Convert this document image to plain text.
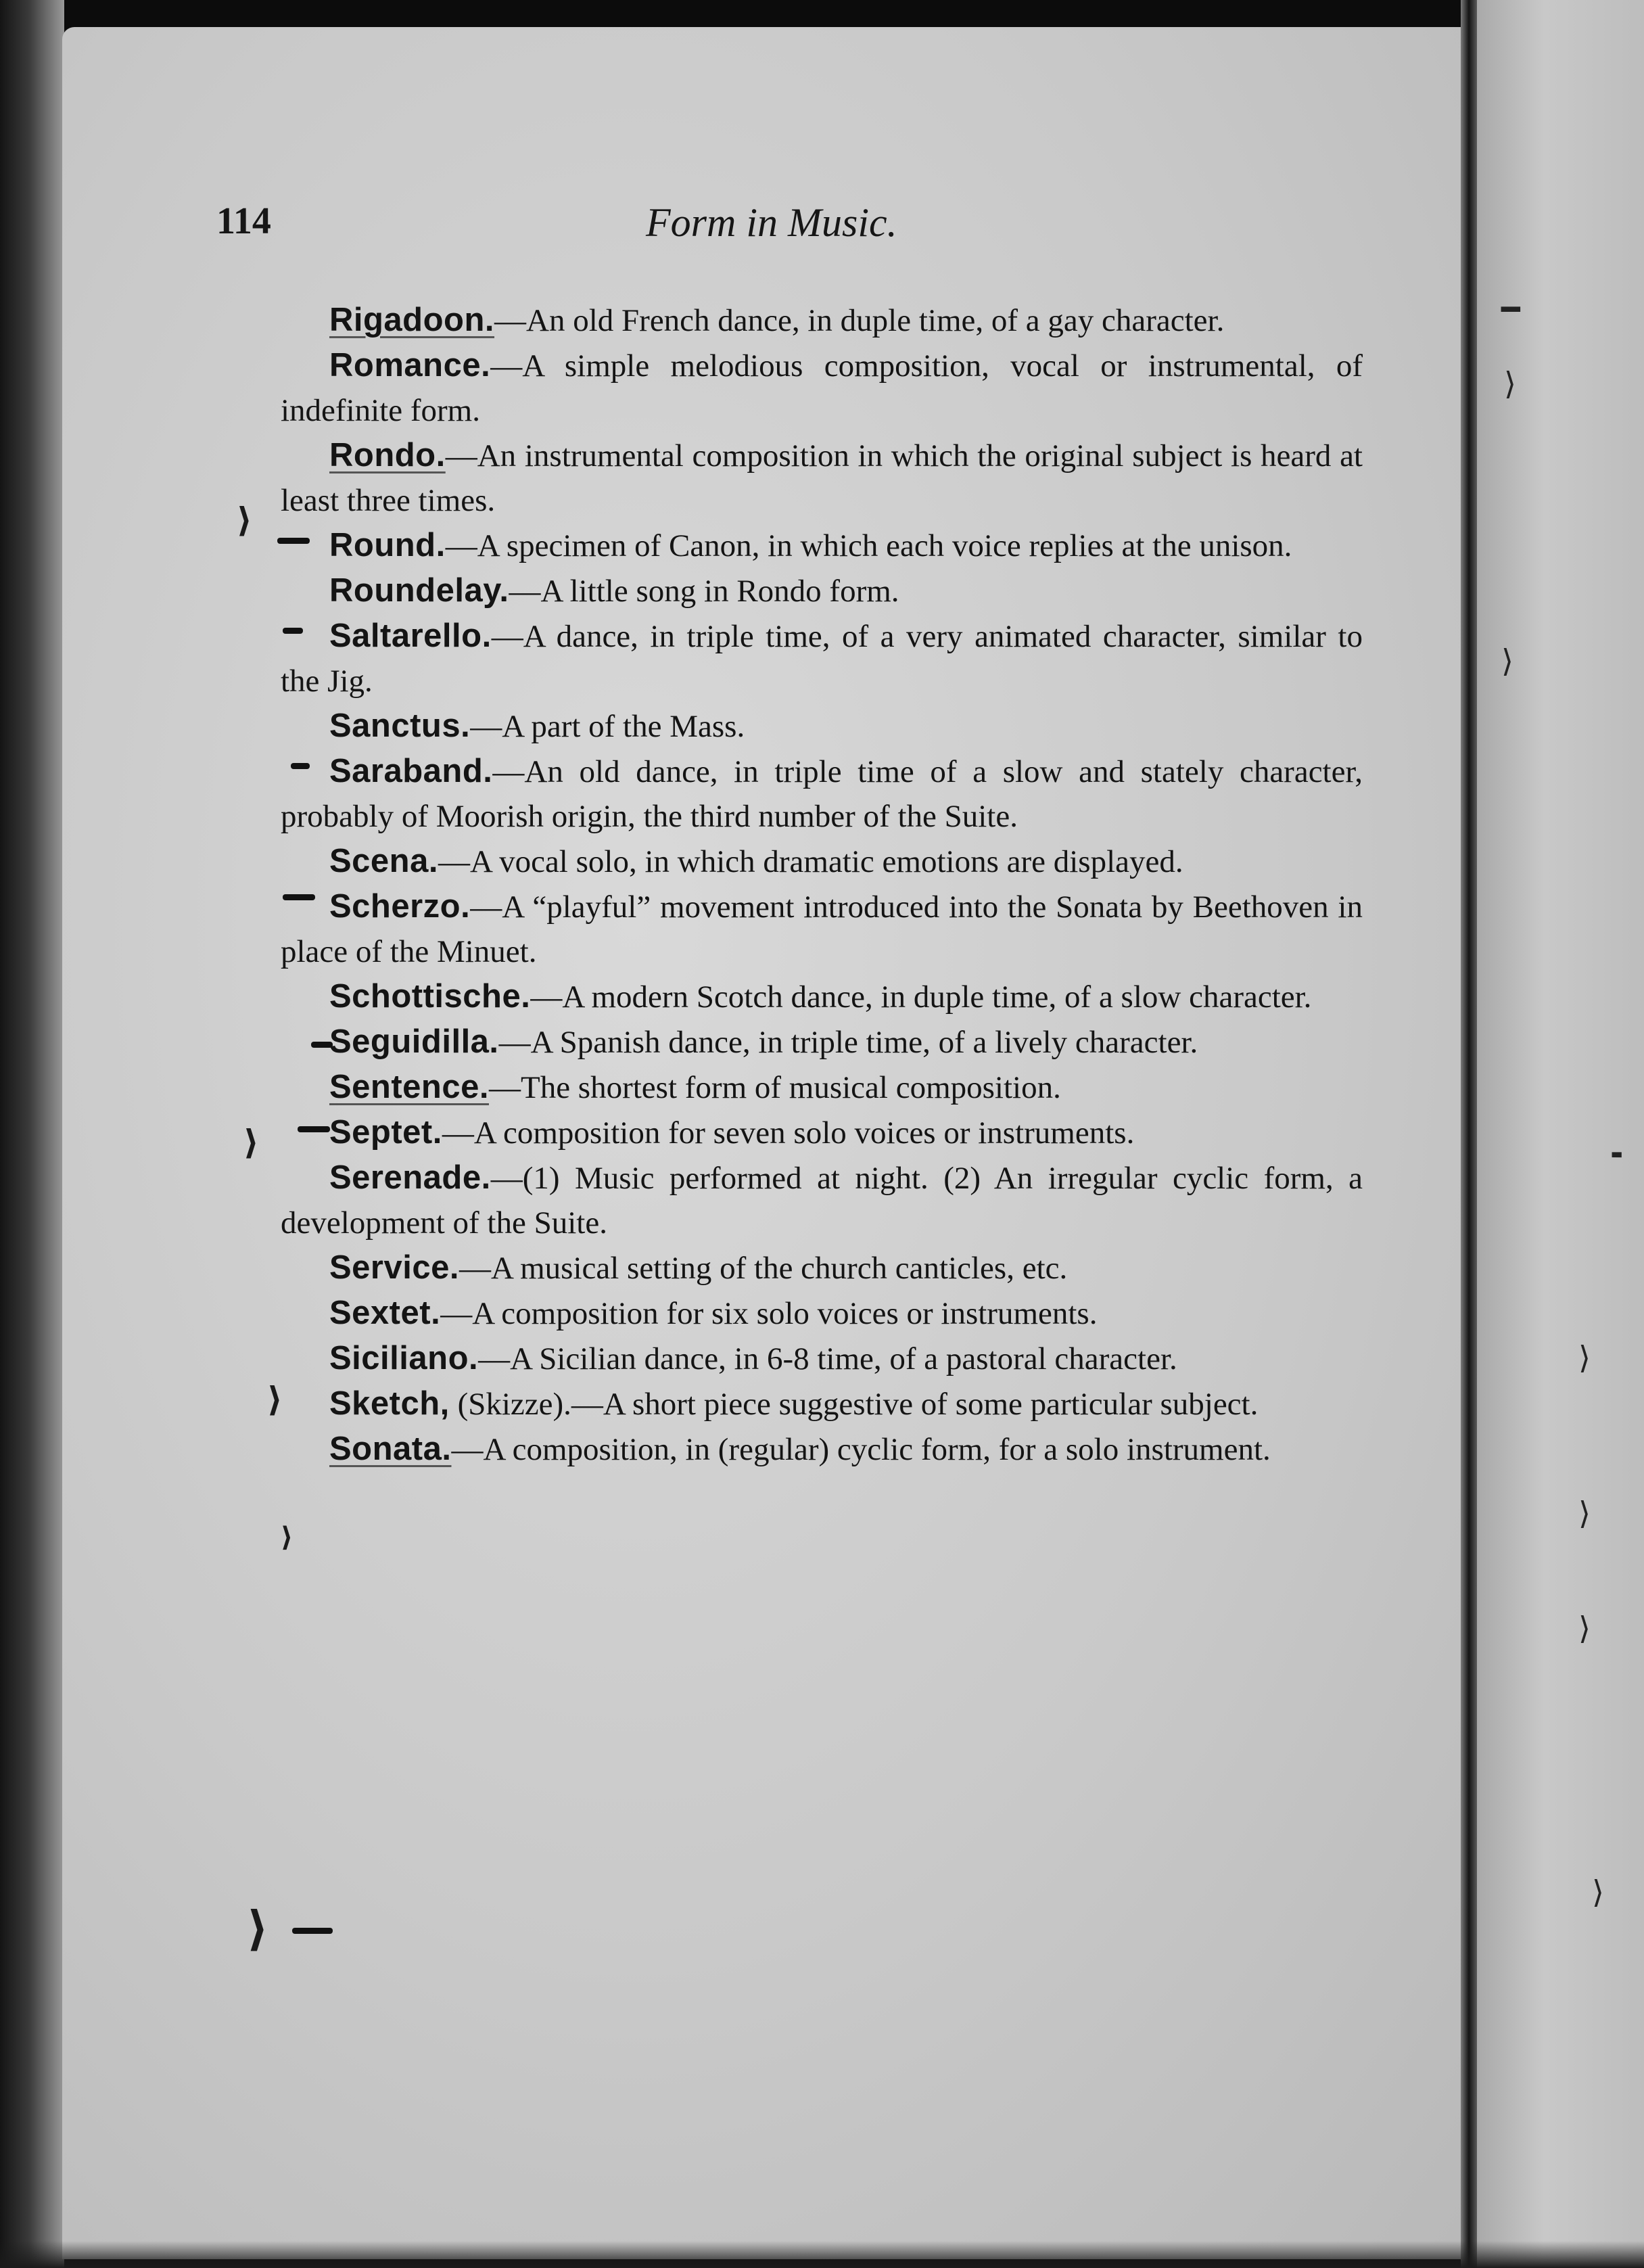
━
⟩
⟩
╸
⟩
⟩
⟩
⟩
114	Form in Music.
⟩
⟩
⟩
⟩
⟩

Rigadoon.—An old French dance, in duple time, of a gay character.

Romance.—A simple melodious composition, vocal or instrumental, of indefinite form.

Rondo.—An instrumental composition in which the original subject is heard at least three times.

Round.—A specimen of Canon, in which each voice replies at the unison.

Roundelay.—A little song in Rondo form.

Saltarello.—A dance, in triple time, of a very animated character, similar to the Jig.

Sanctus.—A part of the Mass.

Saraband.—An old dance, in triple time of a slow and stately character, probably of Moorish origin, the third number of the Suite.

Scena.—A vocal solo, in which dramatic emotions are displayed.

Scherzo.—A “playful” movement introduced into the Sonata by Beethoven in place of the Minuet.

Schottische.—A modern Scotch dance, in duple time, of a slow character.

Seguidilla.—A Spanish dance, in triple time, of a lively character.

Sentence.—The shortest form of musical composition.

Septet.—A composition for seven solo voices or instruments.

Serenade.—(1) Music performed at night. (2) An irregular cyclic form, a development of the Suite.

Service.—A musical setting of the church canticles, etc.

Sextet.—A composition for six solo voices or instruments.

Siciliano.—A Sicilian dance, in 6-8 time, of a pastoral character.

Sketch, (Skizze).—A short piece suggestive of some particular subject.

Sonata.—A composition, in (regular) cyclic form, for a solo instrument.
